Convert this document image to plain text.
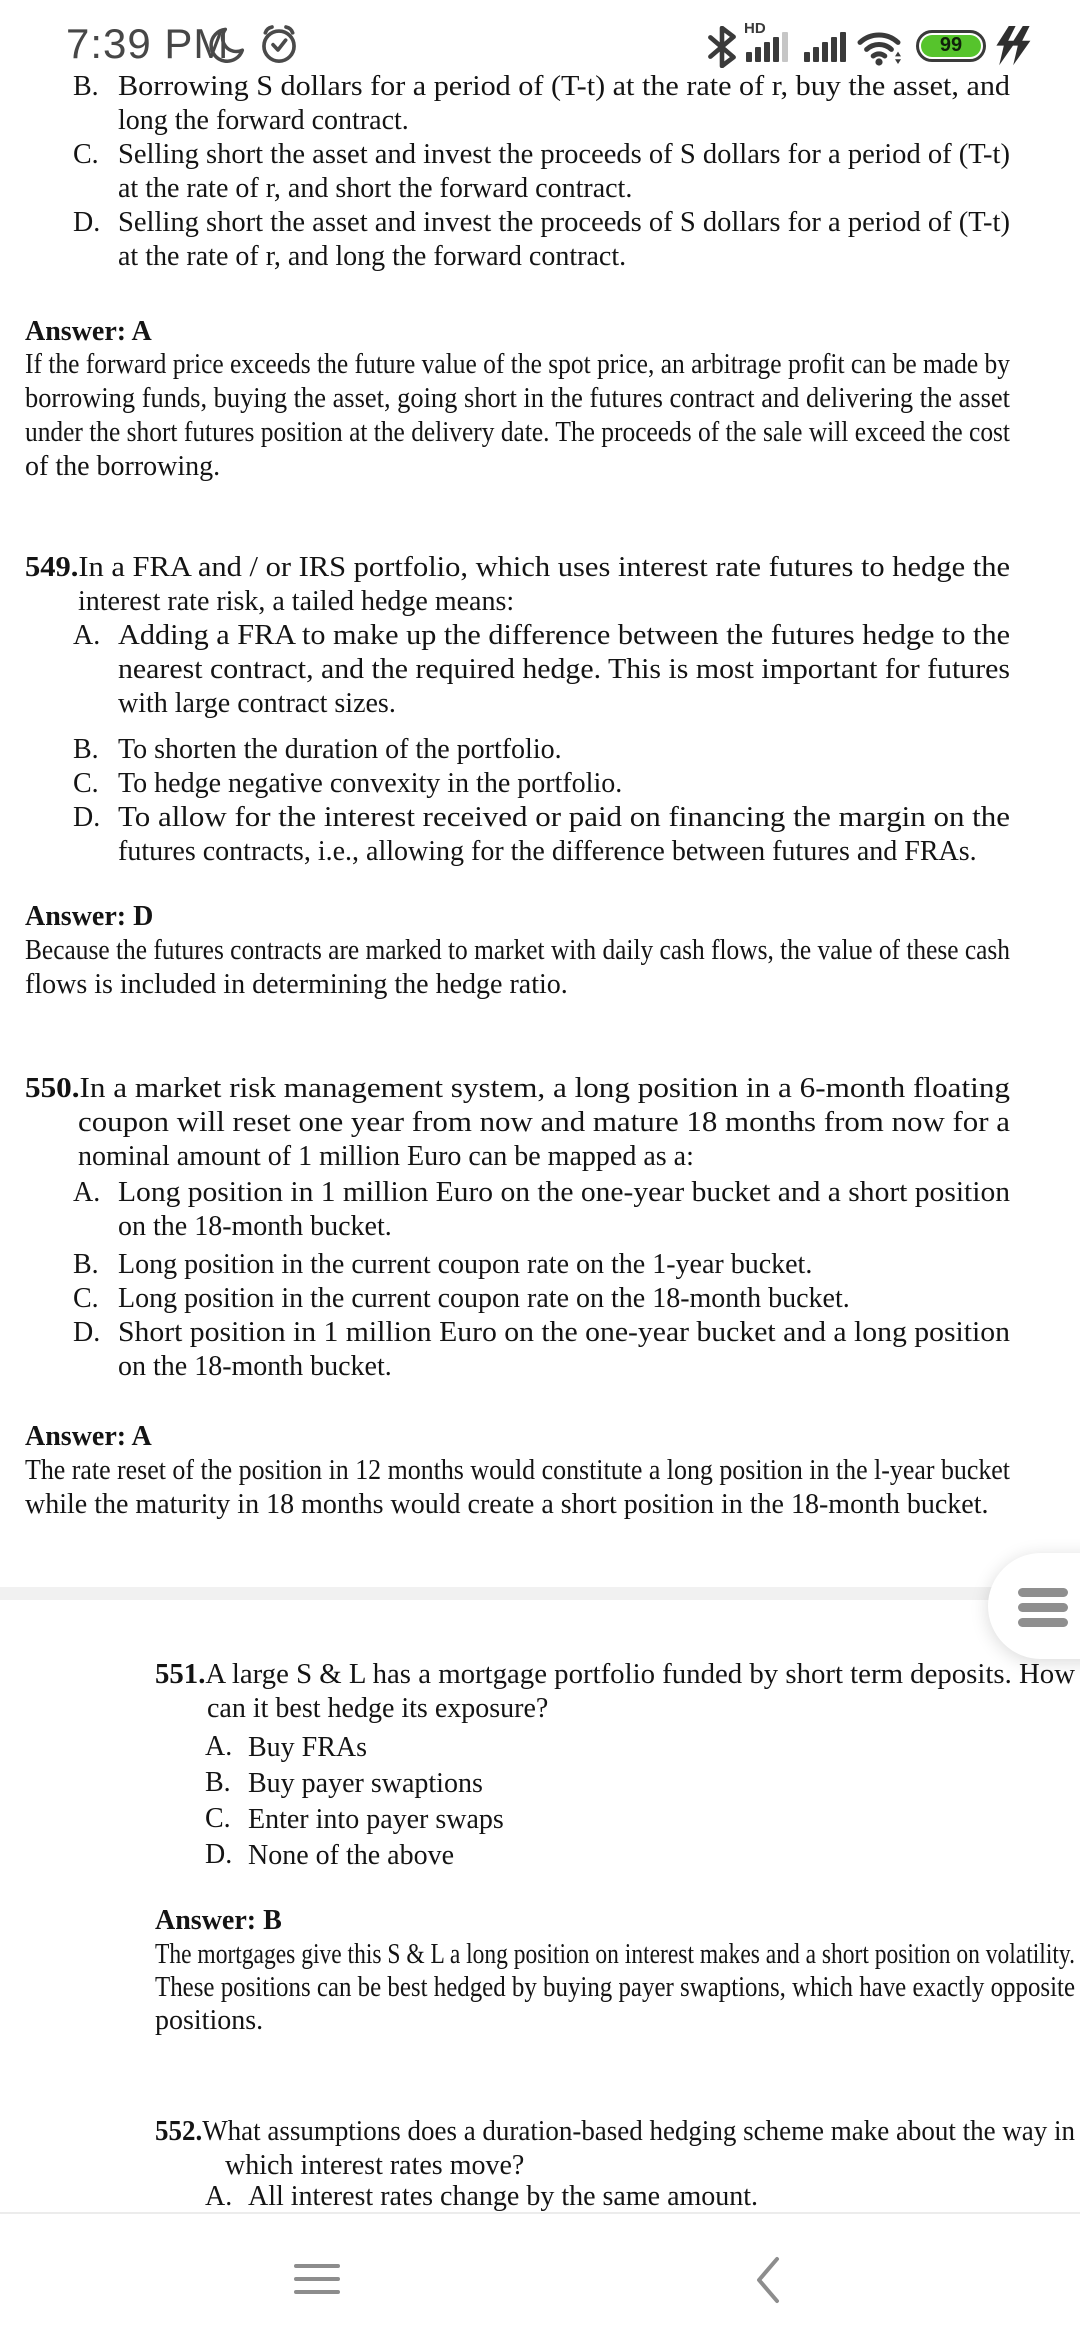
7:39 PM	HD
99
B. Borrowing S dollars for a period of (T-t) at the rate of r, buy the asset, and
long the forward contract.
C. Selling short the asset and invest the proceeds of S dollars for a period of (T-t)
at the rate of r, and short the forward contract.
D. Selling short the asset and invest the proceeds of S dollars for a period of (T-t)
at the rate of r, and long the forward contract.
Answer: A
If the forward price exceeds the future value of the spot price, an arbitrage profit can be made by
borrowing funds, buying the asset, going short in the futures contract and delivering the asset
under the short futures position at the delivery date. The proceeds of the sale will exceed the cost
of the borrowing.
549.In a FRA and / or IRS portfolio, which uses interest rate futures to hedge the
interest rate risk, a tailed hedge means:
A. Adding a FRA to make up the difference between the futures hedge to the
nearest contract, and the required hedge. This is most important for futures
with large contract sizes.
B. To shorten the duration of the portfolio.
C. To hedge negative convexity in the portfolio.
D. To allow for the interest received or paid on financing the margin on the
futures contracts, i.e., allowing for the difference between futures and FRAs.
Answer: D
Because the futures contracts are marked to market with daily cash flows, the value of these cash
flows is included in determining the hedge ratio.
550.In a market risk management system, a long position in a 6-month floating
coupon will reset one year from now and mature 18 months from now for a
nominal amount of 1 million Euro can be mapped as a:
A. Long position in 1 million Euro on the one-year bucket and a short position
on the 18-month bucket.
B. Long position in the current coupon rate on the 1-year bucket.
C. Long position in the current coupon rate on the 18-month bucket.
D. Short position in 1 million Euro on the one-year bucket and a long position
on the 18-month bucket.
Answer: A
The rate reset of the position in 12 months would constitute a long position in the l-year bucket
while the maturity in 18 months would create a short position in the 18-month bucket.
551.A large S & L has a mortgage portfolio funded by short term deposits. How
can it best hedge its exposure?
A. Buy FRAs
B. Buy payer swaptions
C. Enter into payer swaps
D. None of the above
Answer: B
The mortgages give this S & L a long position on interest makes and a short position on volatility.
These positions can be best hedged by buying payer swaptions, which have exactly opposite
positions.
552.What assumptions does a duration-based hedging scheme make about the way in
which interest rates move?
A. All interest rates change by the same amount.
